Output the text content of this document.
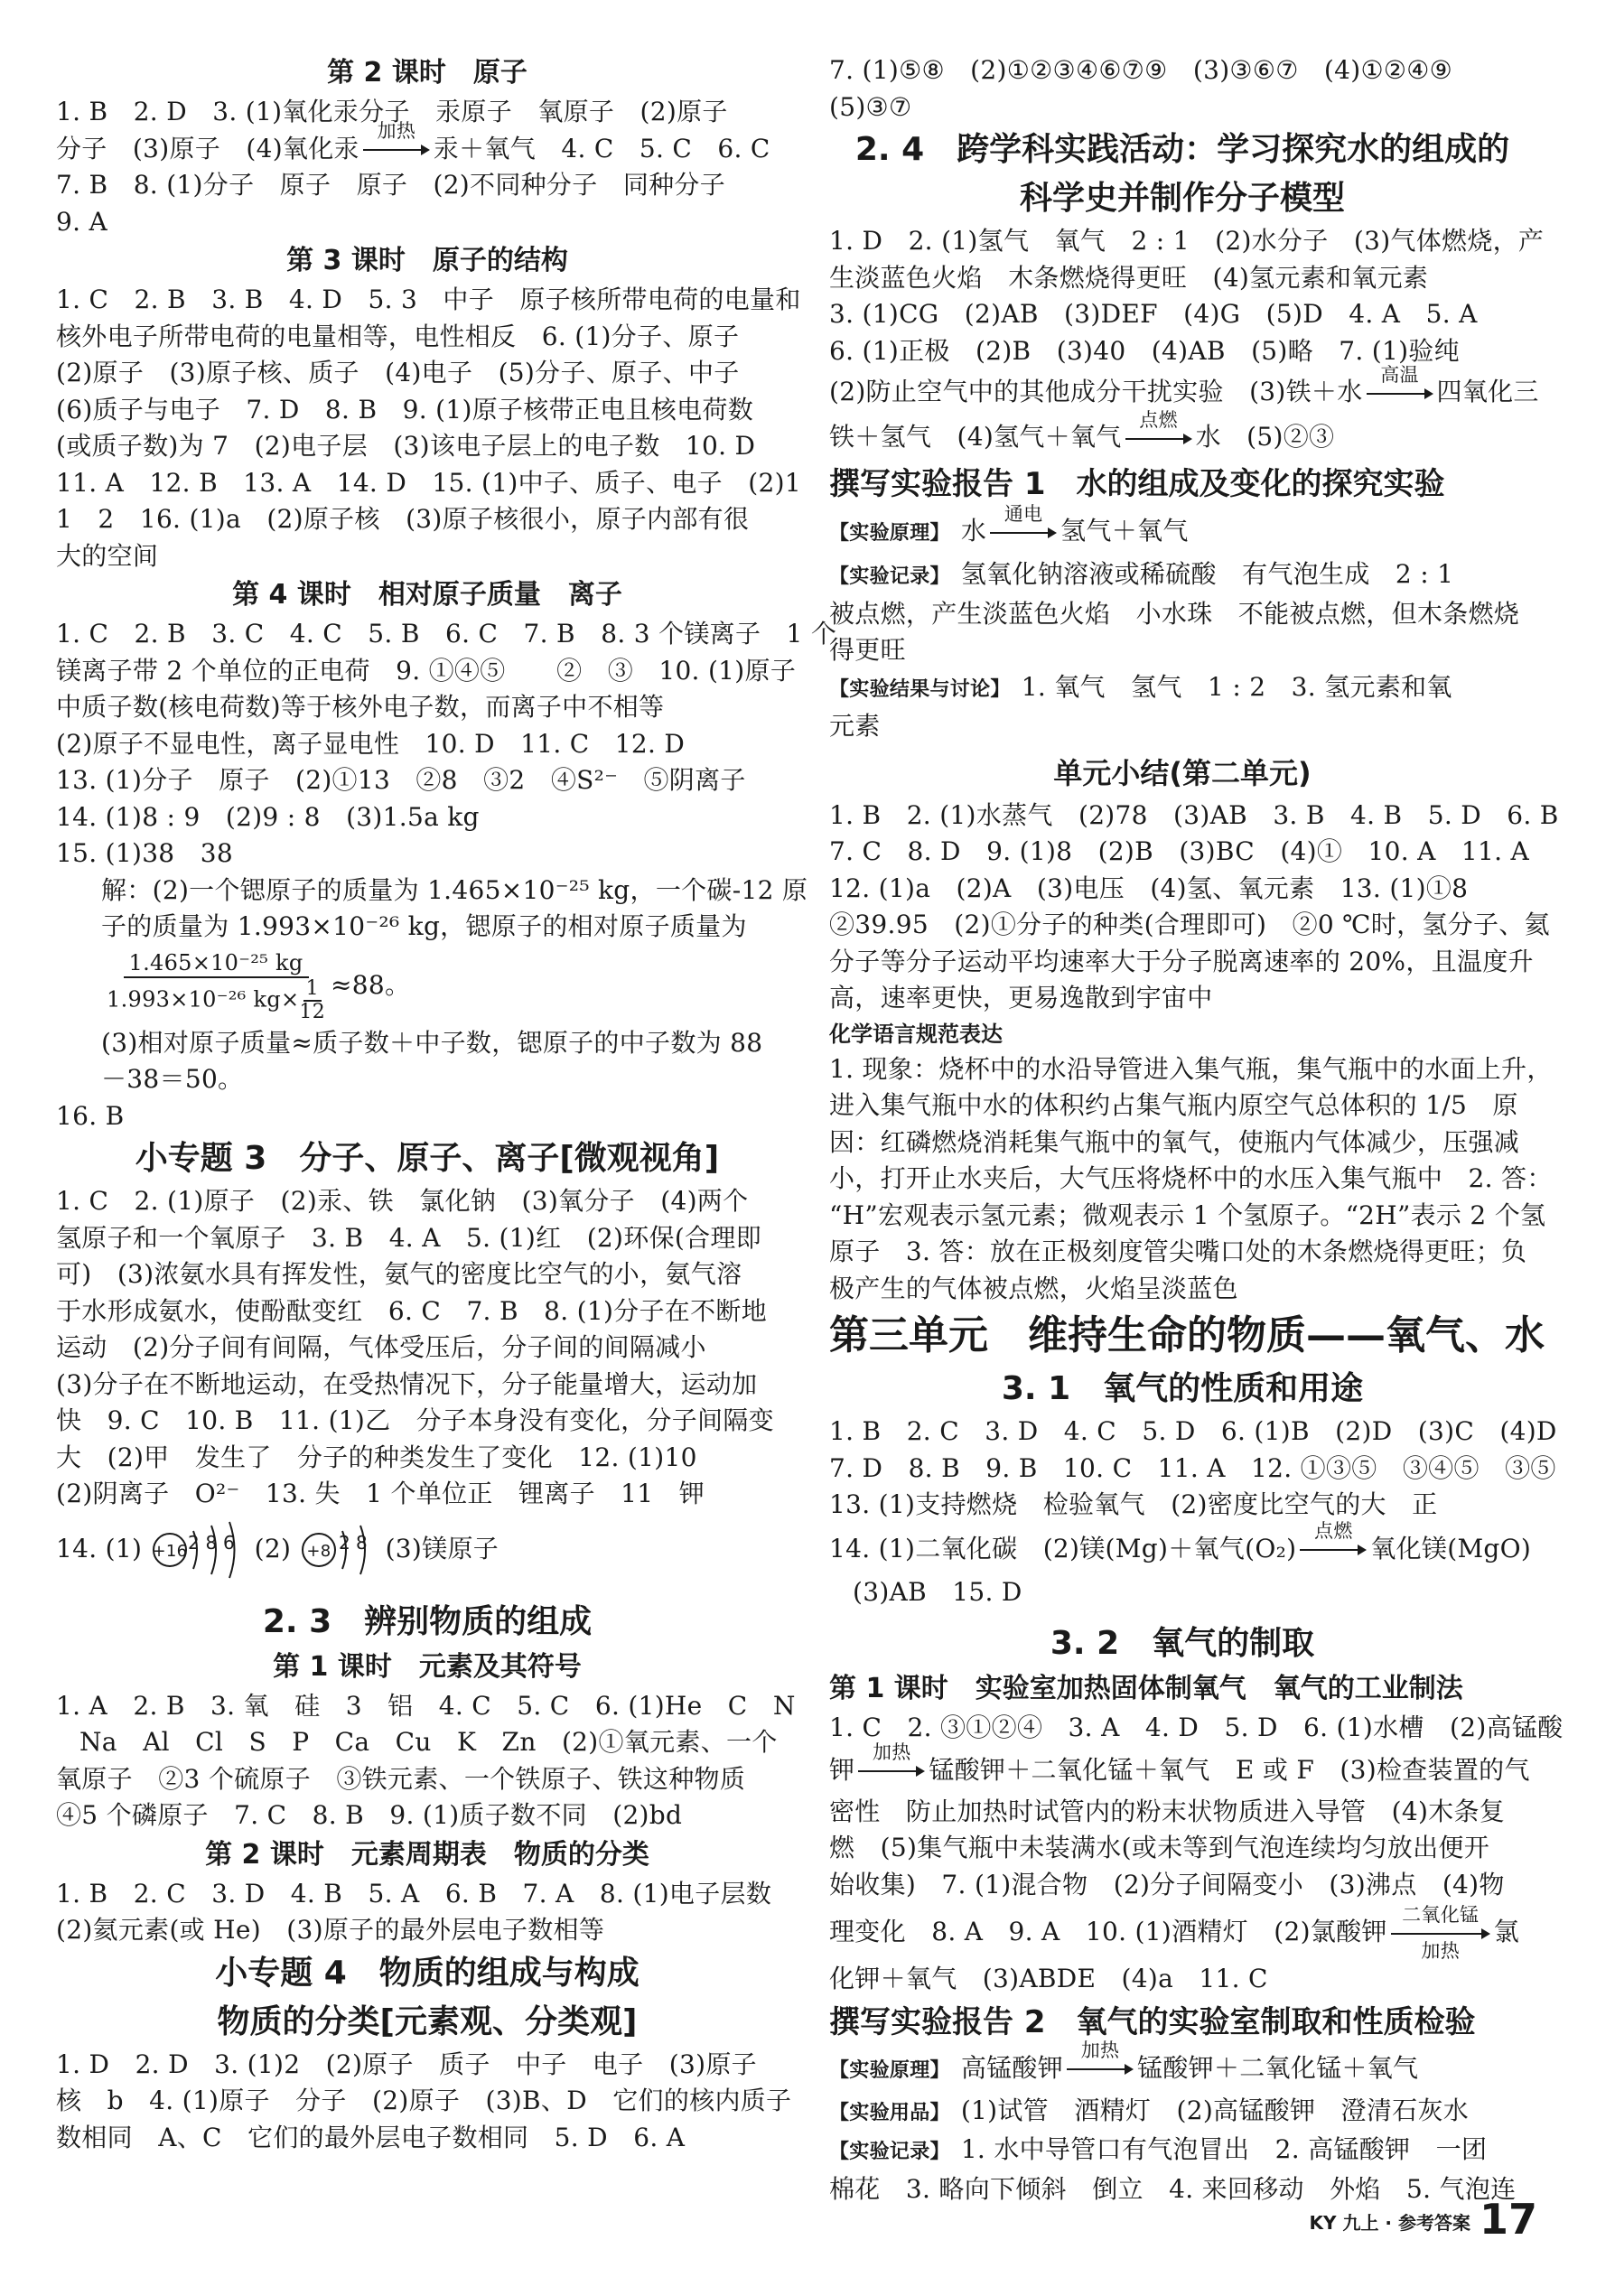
第 2 课时　原子
1. B　2. D　3. (1)氧化汞分子　汞原子　氧原子　(2)原子
分子　(3)原子　(4)氧化汞
加热
汞＋氧气　4. C　5. C　6. C
7. B　8. (1)分子　原子　原子　(2)不同种分子　同种分子
9. A
第 3 课时　原子的结构
1. C　2. B　3. B　4. D　5. 3　中子　原子核所带电荷的电量和
核外电子所带电荷的电量相等，电性相反　6. (1)分子、原子
(2)原子　(3)原子核、质子　(4)电子　(5)分子、原子、中子
(6)质子与电子　7. D　8. B　9. (1)原子核带正电且核电荷数
(或质子数)为 7　(2)电子层　(3)该电子层上的电子数　10. D
11. A　12. B　13. A　14. D　15. (1)中子、质子、电子　(2)1
1　2　16. (1)a　(2)原子核　(3)原子核很小，原子内部有很
大的空间
第 4 课时　相对原子质量　离子
1. C　2. B　3. C　4. C　5. B　6. C　7. B　8. 3 个镁离子　1 个
镁离子带 2 个单位的正电荷　9. ①④⑤　　②　③　10. (1)原子
中质子数(核电荷数)等于核外电子数，而离子中不相等
(2)原子不显电性，离子显电性　10. D　11. C　12. D
13. (1)分子　原子　(2)①13　②8　③2　④S²⁻　⑤阴离子
14. (1)8 : 9　(2)9 : 8　(3)1.5a kg
15. (1)38　38
解：(2)一个锶原子的质量为 1.465×10⁻²⁵ kg，一个碳-12 原
子的质量为 1.993×10⁻²⁶ kg，锶原子的相对原子质量为
$\frac{\text{1.465×10⁻²⁵ kg}}{1.993\times 10^{-26} kg\times \frac{1}{12}} \approx 88$。
(3)相对原子质量≈质子数＋中子数，锶原子的中子数为 88
－38＝50。
16. B
小专题 3　分子、原子、离子[微观视角]
1. C　2. (1)原子　(2)汞、铁　氯化钠　(3)氧分子　(4)两个
氢原子和一个氧原子　3. B　4. A　5. (1)红　(2)环保(合理即
可)　(3)浓氨水具有挥发性，氨气的密度比空气的小，氨气溶
于水形成氨水，使酚酞变红　6. C　7. B　8. (1)分子在不断地
运动　(2)分子间有间隔，气体受压后，分子间的间隔减小
(3)分子在不断地运动，在受热情况下，分子能量增大，运动加
快　9. C　10. B　11. (1)乙　分子本身没有变化，分子间隔变
大　(2)甲　发生了　分子的种类发生了变化　12. (1)10
(2)阴离子　O²⁻　13. 失　1 个单位正　锂离子　11　钾
14. (1) +16 2 8 6 (2) +8 2 8 (3)镁原子
2. 3　辨别物质的组成
第 1 课时　元素及其符号
1. A　2. B　3. 氧　硅　3　铝　4. C　5. C　6. (1)He　C　N
Na　Al　Cl　S　P　Ca　Cu　K　Zn　(2)①氧元素、一个
氧原子　②3 个硫原子　③铁元素、一个铁原子、铁这种物质
④5 个磷原子　7. C　8. B　9. (1)质子数不同　(2)bd
第 2 课时　元素周期表　物质的分类
1. B　2. C　3. D　4. B　5. A　6. B　7. A　8. (1)电子层数
(2)氦元素(或 He)　(3)原子的最外层电子数相等
小专题 4　物质的组成与构成
物质的分类[元素观、分类观]
1. D　2. D　3. (1)2　(2)原子　质子　中子　电子　(3)原子
核　b　4. (1)原子　分子　(2)原子　(3)B、D　它们的核内质子
数相同　A、C　它们的最外层电子数相同　5. D　6. A
7. (1)⑤⑧　(2)①②③④⑥⑦⑨　(3)③⑥⑦　(4)①②④⑨
(5)③⑦
2. 4　跨学科实践活动：学习探究水的组成的
科学史并制作分子模型
1. D　2. (1)氢气　氧气　2 : 1　(2)水分子　(3)气体燃烧，产
生淡蓝色火焰　木条燃烧得更旺　(4)氢元素和氧元素
3. (1)CG　(2)AB　(3)DEF　(4)G　(5)D　4. A　5. A
6. (1)正极　(2)B　(3)40　(4)AB　(5)略　7. (1)验纯
(2)防止空气中的其他成分干扰实验　(3)铁＋水
高温
四氧化三
铁＋氢气　(4)氢气＋氧气
点燃
水　(5)②③
撰写实验报告 1　水的组成及变化的探究实验
【实验原理】 水
通电
氢气＋氧气
【实验记录】 氢氧化钠溶液或稀硫酸　有气泡生成　2 : 1
被点燃，产生淡蓝色火焰　小水珠　不能被点燃，但木条燃烧
得更旺
【实验结果与讨论】 1. 氧气　氢气　1 : 2　3. 氢元素和氧
元素
单元小结(第二单元)
1. B　2. (1)水蒸气　(2)78　(3)AB　3. B　4. B　5. D　6. B
7. C　8. D　9. (1)8　(2)B　(3)BC　(4)①　10. A　11. A
12. (1)a　(2)A　(3)电压　(4)氢、氧元素　13. (1)①8
②39.95　(2)①分子的种类(合理即可)　②0 ℃时，氢分子、氦
分子等分子运动平均速率大于分子脱离速率的 20%，且温度升
高，速率更快，更易逸散到宇宙中
化学语言规范表达
1. 现象：烧杯中的水沿导管进入集气瓶，集气瓶中的水面上升，
进入集气瓶中水的体积约占集气瓶内原空气总体积的 1/5　原
因：红磷燃烧消耗集气瓶中的氧气，使瓶内气体减少，压强减
小，打开止水夹后，大气压将烧杯中的水压入集气瓶中　2. 答：
“H”宏观表示氢元素；微观表示 1 个氢原子。“2H”表示 2 个氢
原子　3. 答：放在正极刻度管尖嘴口处的木条燃烧得更旺；负
极产生的气体被点燃，火焰呈淡蓝色
第三单元　维持生命的物质——氧气、水
3. 1　氧气的性质和用途
1. B　2. C　3. D　4. C　5. D　6. (1)B　(2)D　(3)C　(4)D
7. D　8. B　9. B　10. C　11. A　12. ①③⑤　③④⑤　③⑤
13. (1)支持燃烧　检验氧气　(2)密度比空气的大　正
14. (1)二氧化碳　(2)镁(Mg)＋氧气(O₂)
点燃
氧化镁(MgO)
(3)AB　15. D
3. 2　氧气的制取
第 1 课时　实验室加热固体制氧气　氧气的工业制法
1. C　2. ③①②④　3. A　4. D　5. D　6. (1)水槽　(2)高锰酸
钾
加热
锰酸钾＋二氧化锰＋氧气　E 或 F　(3)检查装置的气
密性　防止加热时试管内的粉末状物质进入导管　(4)木条复
燃　(5)集气瓶中未装满水(或未等到气泡连续均匀放出便开
始收集)　7. (1)混合物　(2)分子间隔变小　(3)沸点　(4)物
理变化　8. A　9. A　10. (1)酒精灯　(2)氯酸钾
二氧化锰
加热
氯
化钾＋氧气　(3)ABDE　(4)a　11. C
撰写实验报告 2　氧气的实验室制取和性质检验
【实验原理】 高锰酸钾
加热
锰酸钾＋二氧化锰＋氧气
【实验用品】 (1)试管　酒精灯　(2)高锰酸钾　澄清石灰水
【实验记录】 1. 水中导管口有气泡冒出　2. 高锰酸钾　一团
棉花　3. 略向下倾斜　倒立　4. 来回移动　外焰　5. 气泡连
KY 九上 · 参考答案 17
